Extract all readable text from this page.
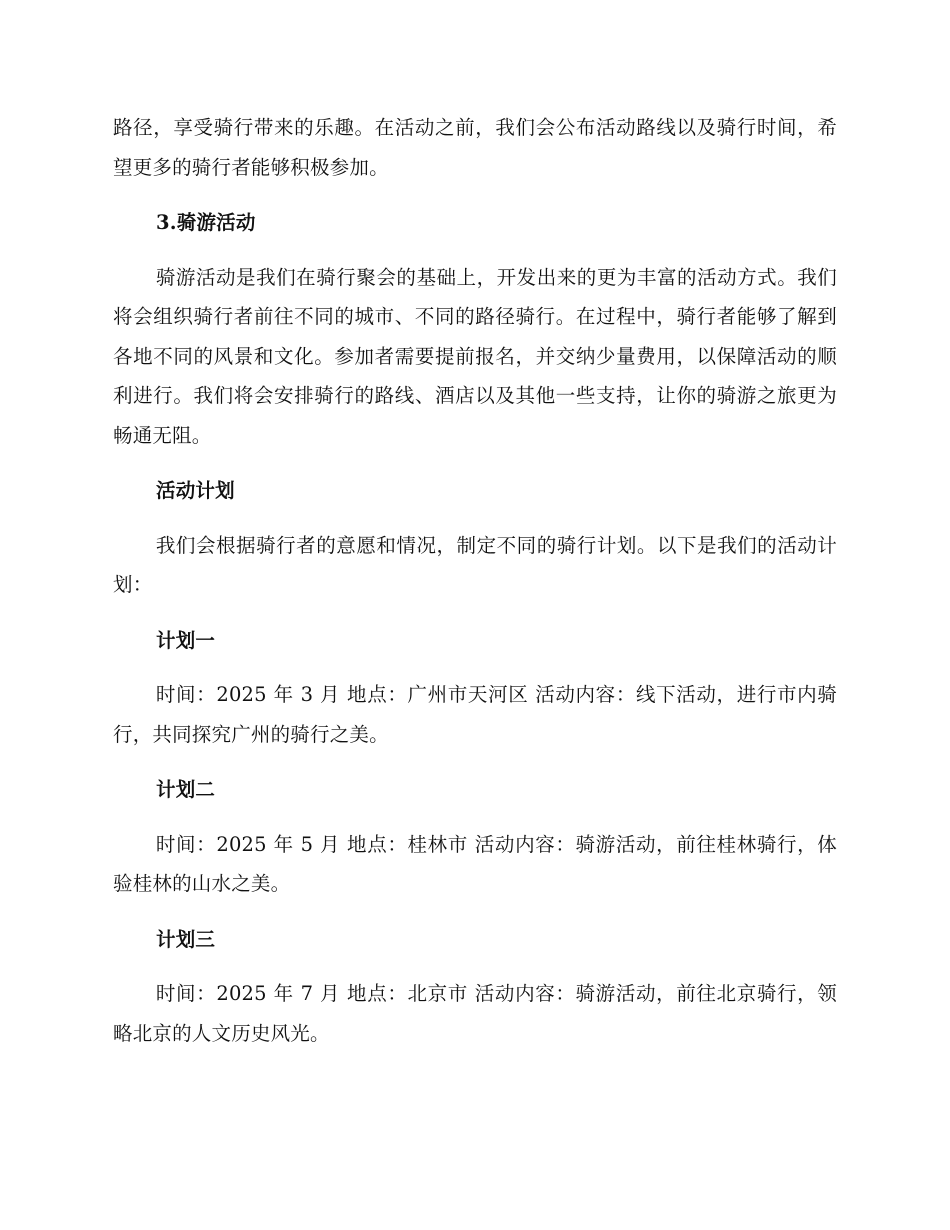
路径，享受骑行带来的乐趣。在活动之前，我们会公布活动路线以及骑行时间，希望更多的骑行者能够积极参加。

3.骑游活动

骑游活动是我们在骑行聚会的基础上，开发出来的更为丰富的活动方式。我们将会组织骑行者前往不同的城市、不同的路径骑行。在过程中，骑行者能够了解到各地不同的风景和文化。参加者需要提前报名，并交纳少量费用，以保障活动的顺利进行。我们将会安排骑行的路线、酒店以及其他一些支持，让你的骑游之旅更为畅通无阻。

活动计划

我们会根据骑行者的意愿和情况，制定不同的骑行计划。以下是我们的活动计划：

计划一

时间：2025 年 3 月 地点：广州市天河区 活动内容：线下活动，进行市内骑行，共同探究广州的骑行之美。

计划二

时间：2025 年 5 月 地点：桂林市 活动内容：骑游活动，前往桂林骑行，体验桂林的山水之美。

计划三

时间：2025 年 7 月 地点：北京市 活动内容：骑游活动，前往北京骑行，领略北京的人文历史风光。
